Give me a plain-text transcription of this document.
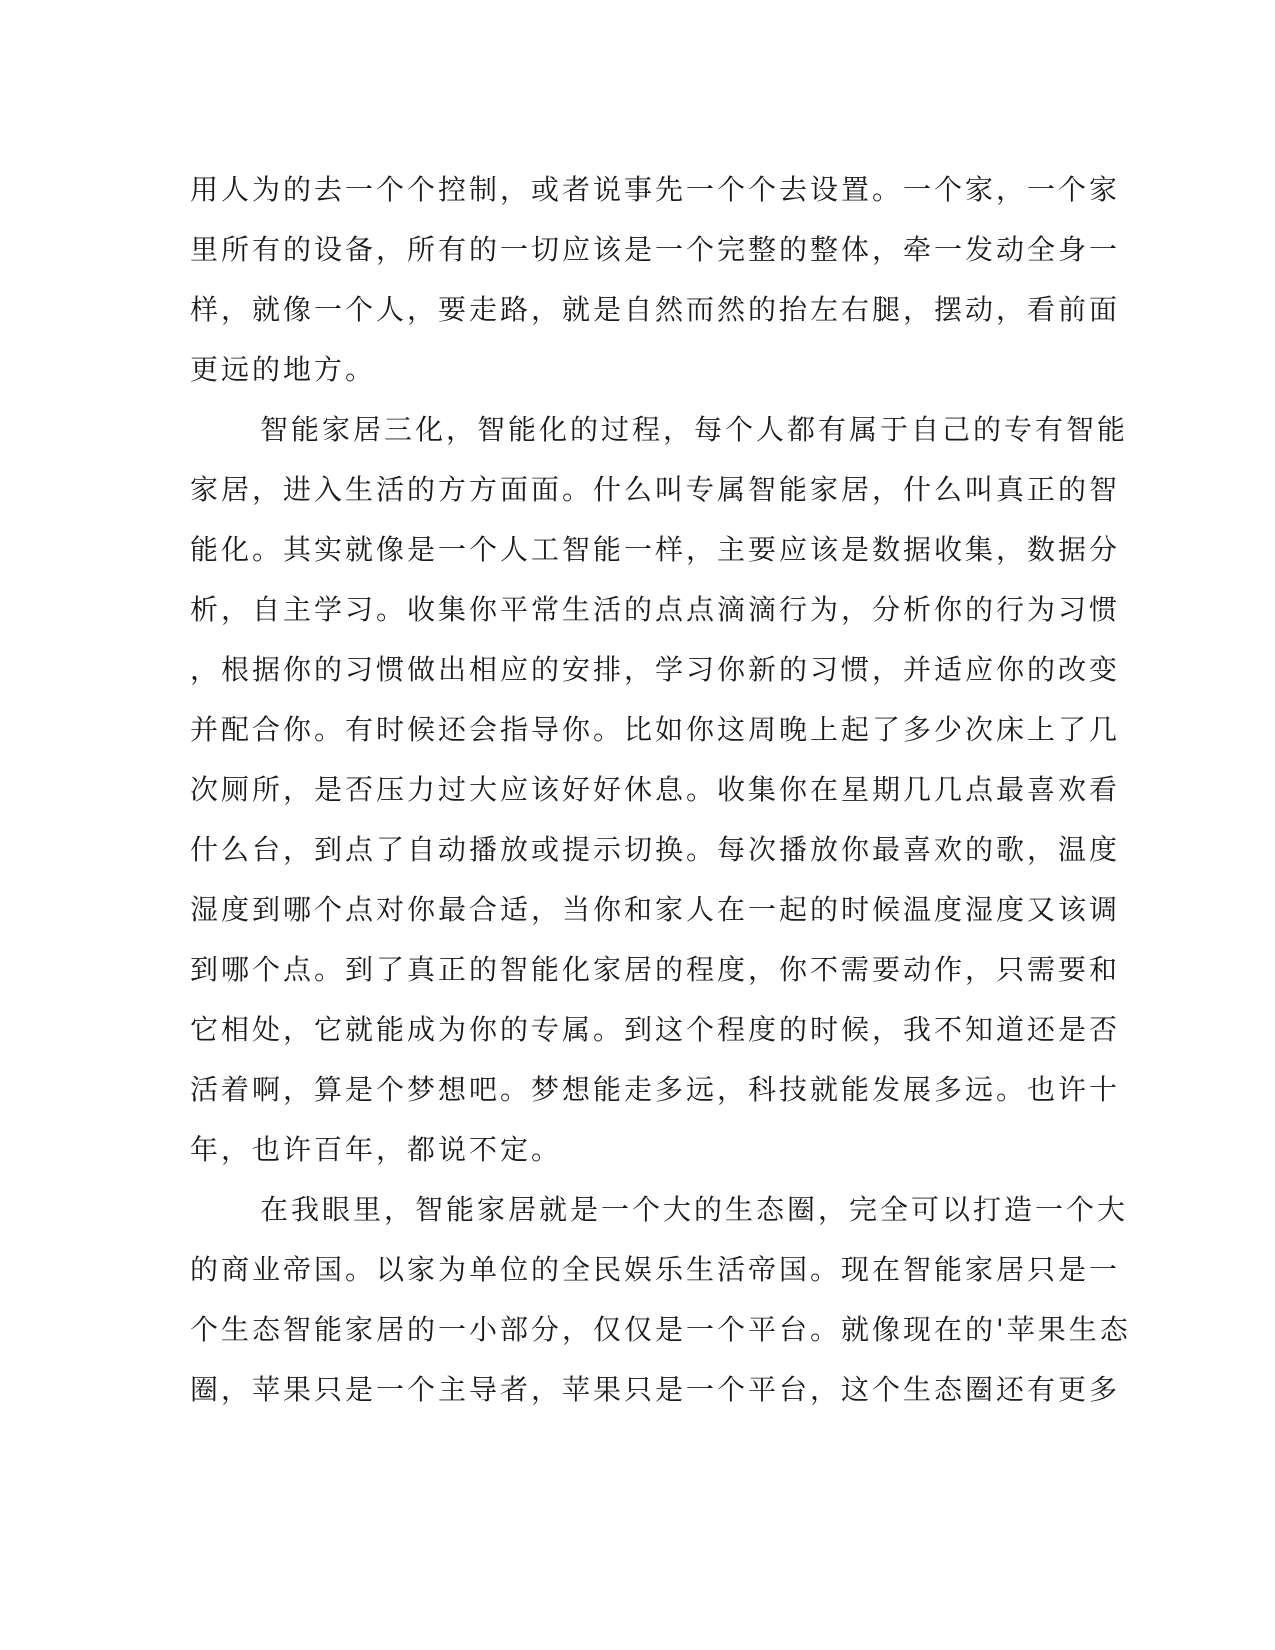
用人为的去一个个控制，或者说事先一个个去设置。一个家，一个家
里所有的设备，所有的一切应该是一个完整的整体，牵一发动全身一
样，就像一个人，要走路，就是自然而然的抬左右腿，摆动，看前面
更远的地方。
智能家居三化，智能化的过程，每个人都有属于自己的专有智能
家居，进入生活的方方面面。什么叫专属智能家居，什么叫真正的智
能化。其实就像是一个人工智能一样，主要应该是数据收集，数据分
析，自主学习。收集你平常生活的点点滴滴行为，分析你的行为习惯
，根据你的习惯做出相应的安排，学习你新的习惯，并适应你的改变
并配合你。有时候还会指导你。比如你这周晚上起了多少次床上了几
次厕所，是否压力过大应该好好休息。收集你在星期几几点最喜欢看
什么台，到点了自动播放或提示切换。每次播放你最喜欢的歌，温度
湿度到哪个点对你最合适，当你和家人在一起的时候温度湿度又该调
到哪个点。到了真正的智能化家居的程度，你不需要动作，只需要和
它相处，它就能成为你的专属。到这个程度的时候，我不知道还是否
活着啊，算是个梦想吧。梦想能走多远，科技就能发展多远。也许十
年，也许百年，都说不定。
在我眼里，智能家居就是一个大的生态圈，完全可以打造一个大
的商业帝国。以家为单位的全民娱乐生活帝国。现在智能家居只是一
个生态智能家居的一小部分，仅仅是一个平台。就像现在的'苹果生态
圈，苹果只是一个主导者，苹果只是一个平台，这个生态圈还有更多
